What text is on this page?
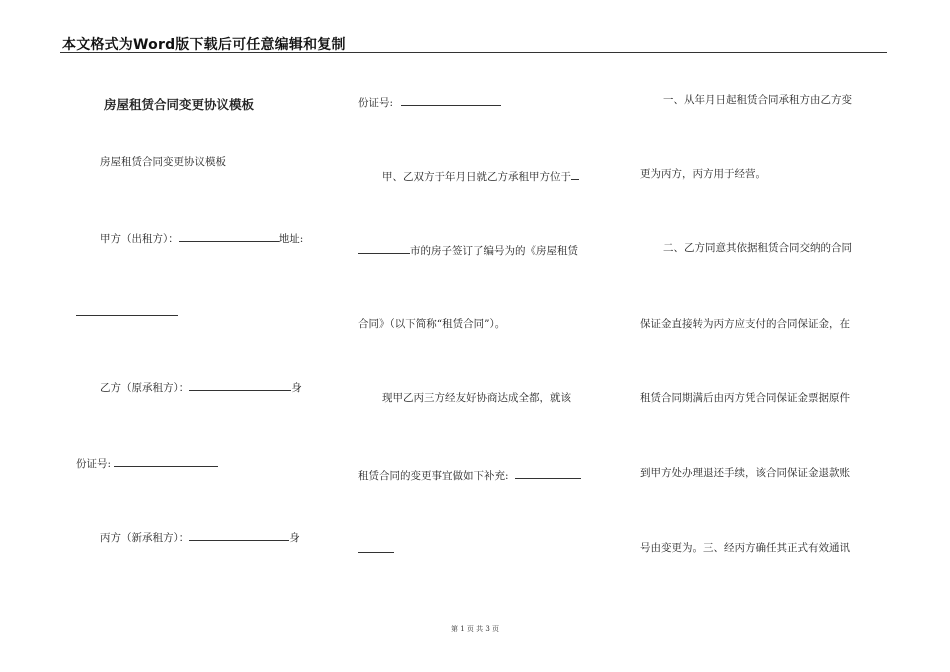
本文格式为Word版下载后可任意编辑和复制
房屋租赁合同变更协议模板
房屋租赁合同变更协议模板
甲方（出租方）：	地址:
乙方（原承租方）：	身
份证号:
丙方（新承租方）：	身
份证号:
甲、乙双方于年月日就乙方承租甲方位于
市的房子签订了编号为的《房屋租赁
合同》（以下简称“租赁合同”）。
现甲乙丙三方经友好协商达成全都，就该
租赁合同的变更事宜做如下补充:
一、从年月日起租赁合同承租方由乙方变
更为丙方，丙方用于经营。
二、乙方同意其依据租赁合同交纳的合同
保证金直接转为丙方应支付的合同保证金，在
租赁合同期满后由丙方凭合同保证金票据原件
到甲方处办理退还手续，该合同保证金退款账
号由变更为。三、经丙方确任其正式有效通讯
第 1 页 共 3 页
